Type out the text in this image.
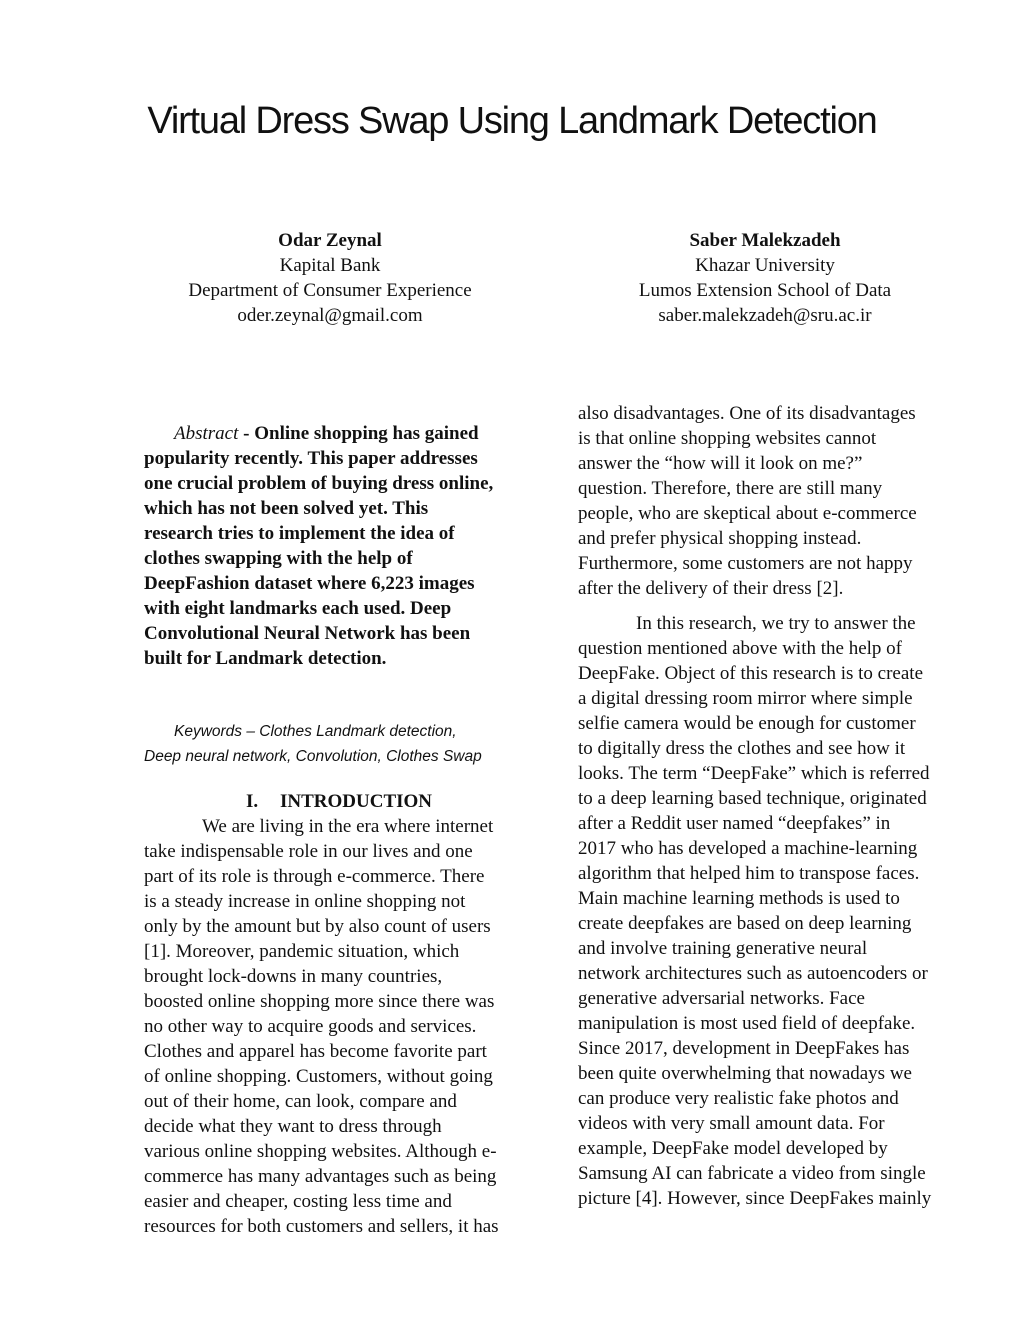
Virtual Dress Swap Using Landmark Detection
Odar Zeynal
Kapital Bank
Department of Consumer Experience
oder.zeynal@gmail.com
Saber Malekzadeh
Khazar University
Lumos Extension School of Data
saber.malekzadeh@sru.ac.ir
Abstract - Online shopping has gained
popularity recently. This paper addresses
one crucial problem of buying dress online,
which has not been solved yet. This
research tries to implement the idea of
clothes swapping with the help of
DeepFashion dataset where 6,223 images
with eight landmarks each used. Deep
Convolutional Neural Network has been
built for Landmark detection.
Keywords – Clothes Landmark detection,
Deep neural network, Convolution, Clothes Swap
I. INTRODUCTION
We are living in the era where internet
take indispensable role in our lives and one
part of its role is through e-commerce. There
is a steady increase in online shopping not
only by the amount but by also count of users
[1]. Moreover, pandemic situation, which
brought lock-downs in many countries,
boosted online shopping more since there was
no other way to acquire goods and services.
Clothes and apparel has become favorite part
of online shopping. Customers, without going
out of their home, can look, compare and
decide what they want to dress through
various online shopping websites. Although e-
commerce has many advantages such as being
easier and cheaper, costing less time and
resources for both customers and sellers, it has
also disadvantages. One of its disadvantages
is that online shopping websites cannot
answer the “how will it look on me?”
question. Therefore, there are still many
people, who are skeptical about e-commerce
and prefer physical shopping instead.
Furthermore, some customers are not happy
after the delivery of their dress [2].
In this research, we try to answer the
question mentioned above with the help of
DeepFake. Object of this research is to create
a digital dressing room mirror where simple
selfie camera would be enough for customer
to digitally dress the clothes and see how it
looks. The term “DeepFake” which is referred
to a deep learning based technique, originated
after a Reddit user named “deepfakes” in
2017 who has developed a machine-learning
algorithm that helped him to transpose faces.
Main machine learning methods is used to
create deepfakes are based on deep learning
and involve training generative neural
network architectures such as autoencoders or
generative adversarial networks. Face
manipulation is most used field of deepfake.
Since 2017, development in DeepFakes has
been quite overwhelming that nowadays we
can produce very realistic fake photos and
videos with very small amount data. For
example, DeepFake model developed by
Samsung AI can fabricate a video from single
picture [4]. However, since DeepFakes mainly
